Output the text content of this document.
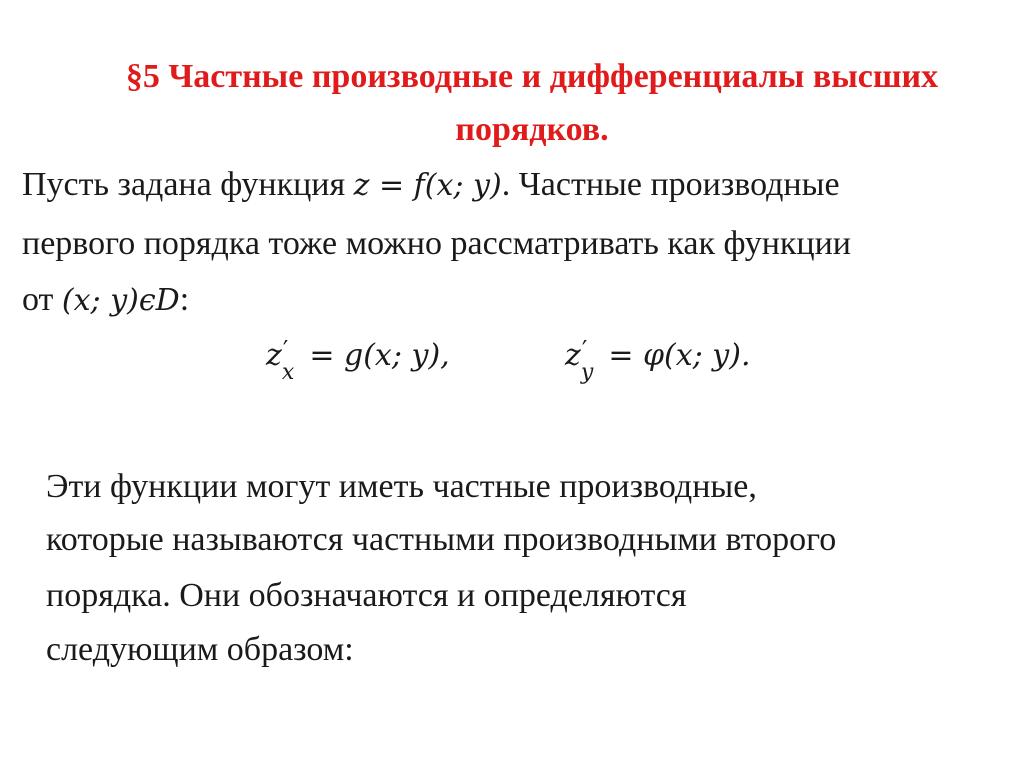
§5 Частные производные и дифференциалы высших
порядков.
Пусть задана функция z = f(x; y). Частные производные
первого порядка тоже можно рассматривать как функции
от (x; y)ϵD:
z ′
x = g(x; y),	z ′
y = φ(x; y).
Эти функции могут иметь частные производные,
которые называются частными производными второго
порядка. Они обозначаются и определяются
следующим образом:
